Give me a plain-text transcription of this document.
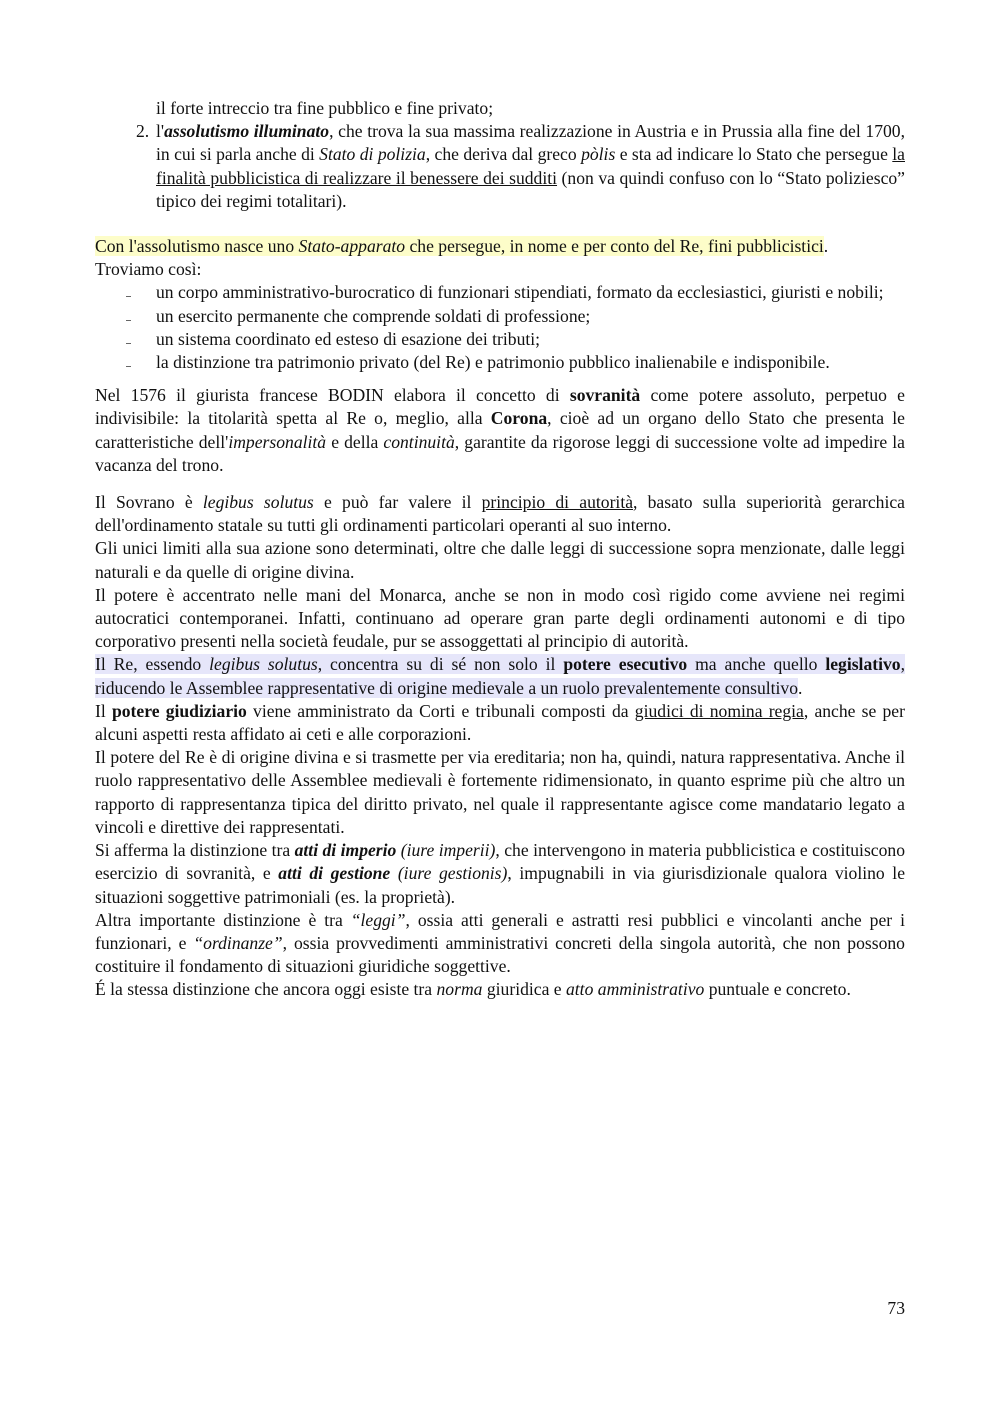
il forte intreccio tra fine pubblico e fine privato;

2. l'assolutismo illuminato, che trova la sua massima realizzazione in Austria e in Prussia alla fine del 1700, in cui si parla anche di Stato di polizia, che deriva dal greco pòlis e sta ad indicare lo Stato che persegue la finalità pubblicistica di realizzare il benessere dei sudditi (non va quindi confuso con lo “Stato poliziesco” tipico dei regimi totalitari).

Con l'assolutismo nasce uno Stato-apparato che persegue, in nome e per conto del Re, fini pubblicistici.

Troviamo così:

un corpo amministrativo-burocratico di funzionari stipendiati, formato da ecclesiastici, giuristi e nobili;
un esercito permanente che comprende soldati di professione;
un sistema coordinato ed esteso di esazione dei tributi;
la distinzione tra patrimonio privato (del Re) e patrimonio pubblico inalienabile e indisponibile.

Nel 1576 il giurista francese BODIN elabora il concetto di sovranità come potere assoluto, perpetuo e indivisibile: la titolarità spetta al Re o, meglio, alla Corona, cioè ad un organo dello Stato che presenta le caratteristiche dell'impersonalità e della continuità, garantite da rigorose leggi di successione volte ad impedire la vacanza del trono.

Il Sovrano è legibus solutus e può far valere il principio di autorità, basato sulla superiorità gerarchica dell'ordinamento statale su tutti gli ordinamenti particolari operanti al suo interno.

Gli unici limiti alla sua azione sono determinati, oltre che dalle leggi di successione sopra menzionate, dalle leggi naturali e da quelle di origine divina.

Il potere è accentrato nelle mani del Monarca, anche se non in modo così rigido come avviene nei regimi autocratici contemporanei. Infatti, continuano ad operare gran parte degli ordinamenti autonomi e di tipo corporativo presenti nella società feudale, pur se assoggettati al principio di autorità.

Il Re, essendo legibus solutus, concentra su di sé non solo il potere esecutivo ma anche quello legislativo, riducendo le Assemblee rappresentative di origine medievale a un ruolo prevalentemente consultivo.

Il potere giudiziario viene amministrato da Corti e tribunali composti da giudici di nomina regia, anche se per alcuni aspetti resta affidato ai ceti e alle corporazioni.

Il potere del Re è di origine divina e si trasmette per via ereditaria; non ha, quindi, natura rappresentativa. Anche il ruolo rappresentativo delle Assemblee medievali è fortemente ridimensionato, in quanto esprime più che altro un rapporto di rappresentanza tipica del diritto privato, nel quale il rappresentante agisce come mandatario legato a vincoli e direttive dei rappresentati.

Si afferma la distinzione tra atti di imperio (iure imperii), che intervengono in materia pubblicistica e costituiscono esercizio di sovranità, e atti di gestione (iure gestionis), impugnabili in via giurisdizionale qualora violino le situazioni soggettive patrimoniali (es. la proprietà).

Altra importante distinzione è tra “leggi”, ossia atti generali e astratti resi pubblici e vincolanti anche per i funzionari, e “ordinanze”, ossia provvedimenti amministrativi concreti della singola autorità, che non possono costituire il fondamento di situazioni giuridiche soggettive.

É la stessa distinzione che ancora oggi esiste tra norma giuridica e atto amministrativo puntuale e concreto.

73
